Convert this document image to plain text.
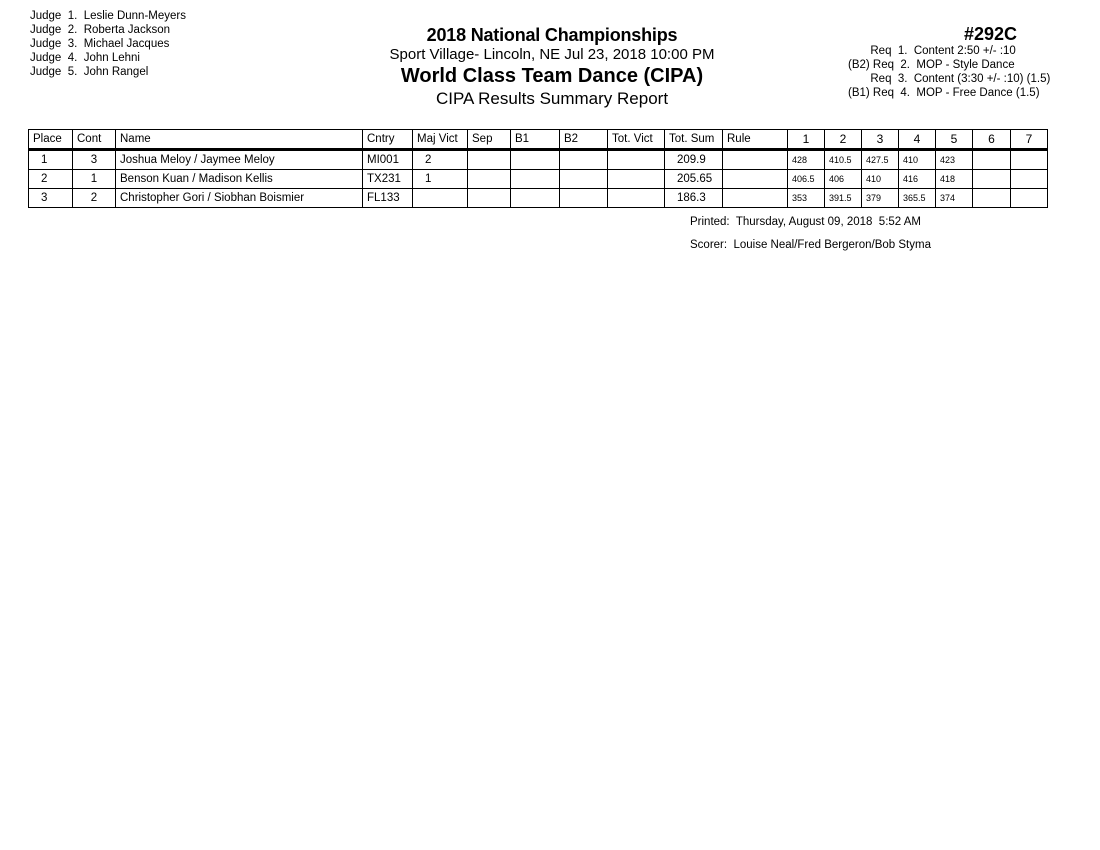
Judge  1.  Leslie Dunn-Meyers
Judge  2.  Roberta Jackson
Judge  3.  Michael Jacques
Judge  4.  John Lehni
Judge  5.  John Rangel
2018 National Championships
Sport Village- Lincoln, NE Jul 23, 2018 10:00 PM
World Class Team Dance (CIPA)
CIPA Results Summary Report
#292C
Req  1.  Content 2:50 +/- :10
(B2) Req  2.  MOP - Style Dance
Req  3.  Content (3:30 +/- :10) (1.5)
(B1) Req  4.  MOP - Free Dance (1.5)
Place	Cont	Name	Cntry	Maj Vict	Sep	B1	B2	Tot. Vict	Tot. Sum	Rule	1	2	3	4	5	6	7
1	3	Joshua Meloy / Jaymee Meloy	MI001	2					209.9		428	410.5	427.5	410	423		
2	1	Benson Kuan / Madison Kellis	TX231	1					205.65		406.5	406	410	416	418		
3	2	Christopher Gori / Siobhan Boismier	FL133						186.3		353	391.5	379	365.5	374		
Printed:  Thursday, August 09, 2018  5:52 AM
Scorer:  Louise Neal/Fred Bergeron/Bob Styma
